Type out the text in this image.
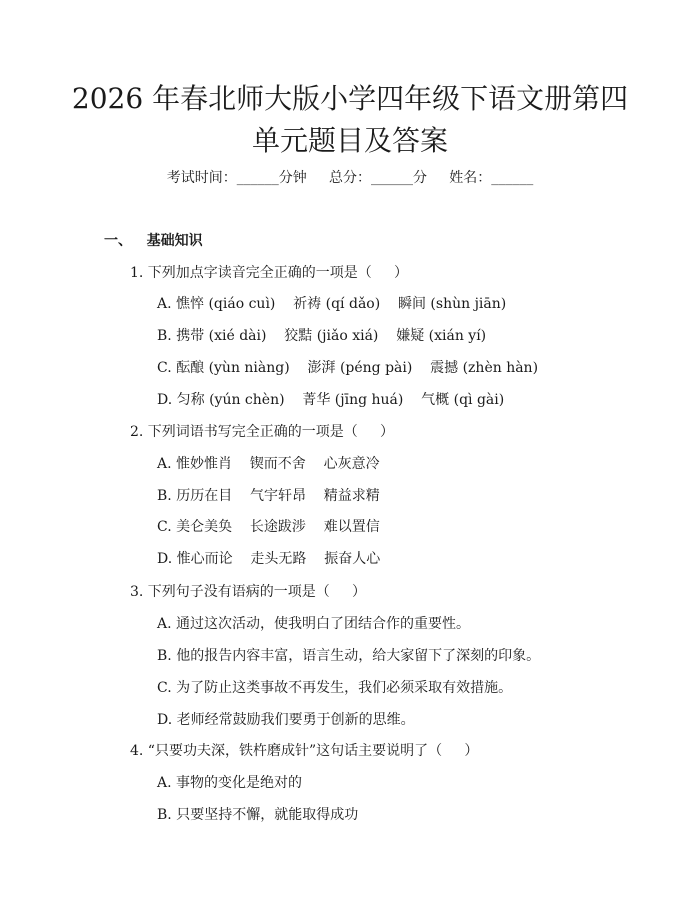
2026 年春北师大版小学四年级下语文册第四
单元题目及答案
考试时间：______分钟     总分：______分     姓名：______
一、 基础知识
1. 下列加点字读音完全正确的一项是（     ）
A. 憔悴 (qiáo cuì)    祈祷 (qí dǎo)    瞬间 (shùn jiān)
B. 携带 (xié dài)    狡黠 (jiǎo xiá)    嫌疑 (xián yí)
C. 酝酿 (yùn niàng)    澎湃 (péng pài)    震撼 (zhèn hàn)
D. 匀称 (yún chèn)    菁华 (jīng huá)    气概 (qì gài)
2. 下列词语书写完全正确的一项是（     ）
A. 惟妙惟肖    锲而不舍    心灰意冷
B. 历历在目    气宇轩昂    精益求精
C. 美仑美奂    长途跋涉    难以置信
D. 惟心而论    走头无路    振奋人心
3. 下列句子没有语病的一项是（     ）
A. 通过这次活动，使我明白了团结合作的重要性。
B. 他的报告内容丰富，语言生动，给大家留下了深刻的印象。
C. 为了防止这类事故不再发生，我们必须采取有效措施。
D. 老师经常鼓励我们要勇于创新的思维。
4. “只要功夫深，铁杵磨成针”这句话主要说明了（     ）
A. 事物的变化是绝对的
B. 只要坚持不懈，就能取得成功
